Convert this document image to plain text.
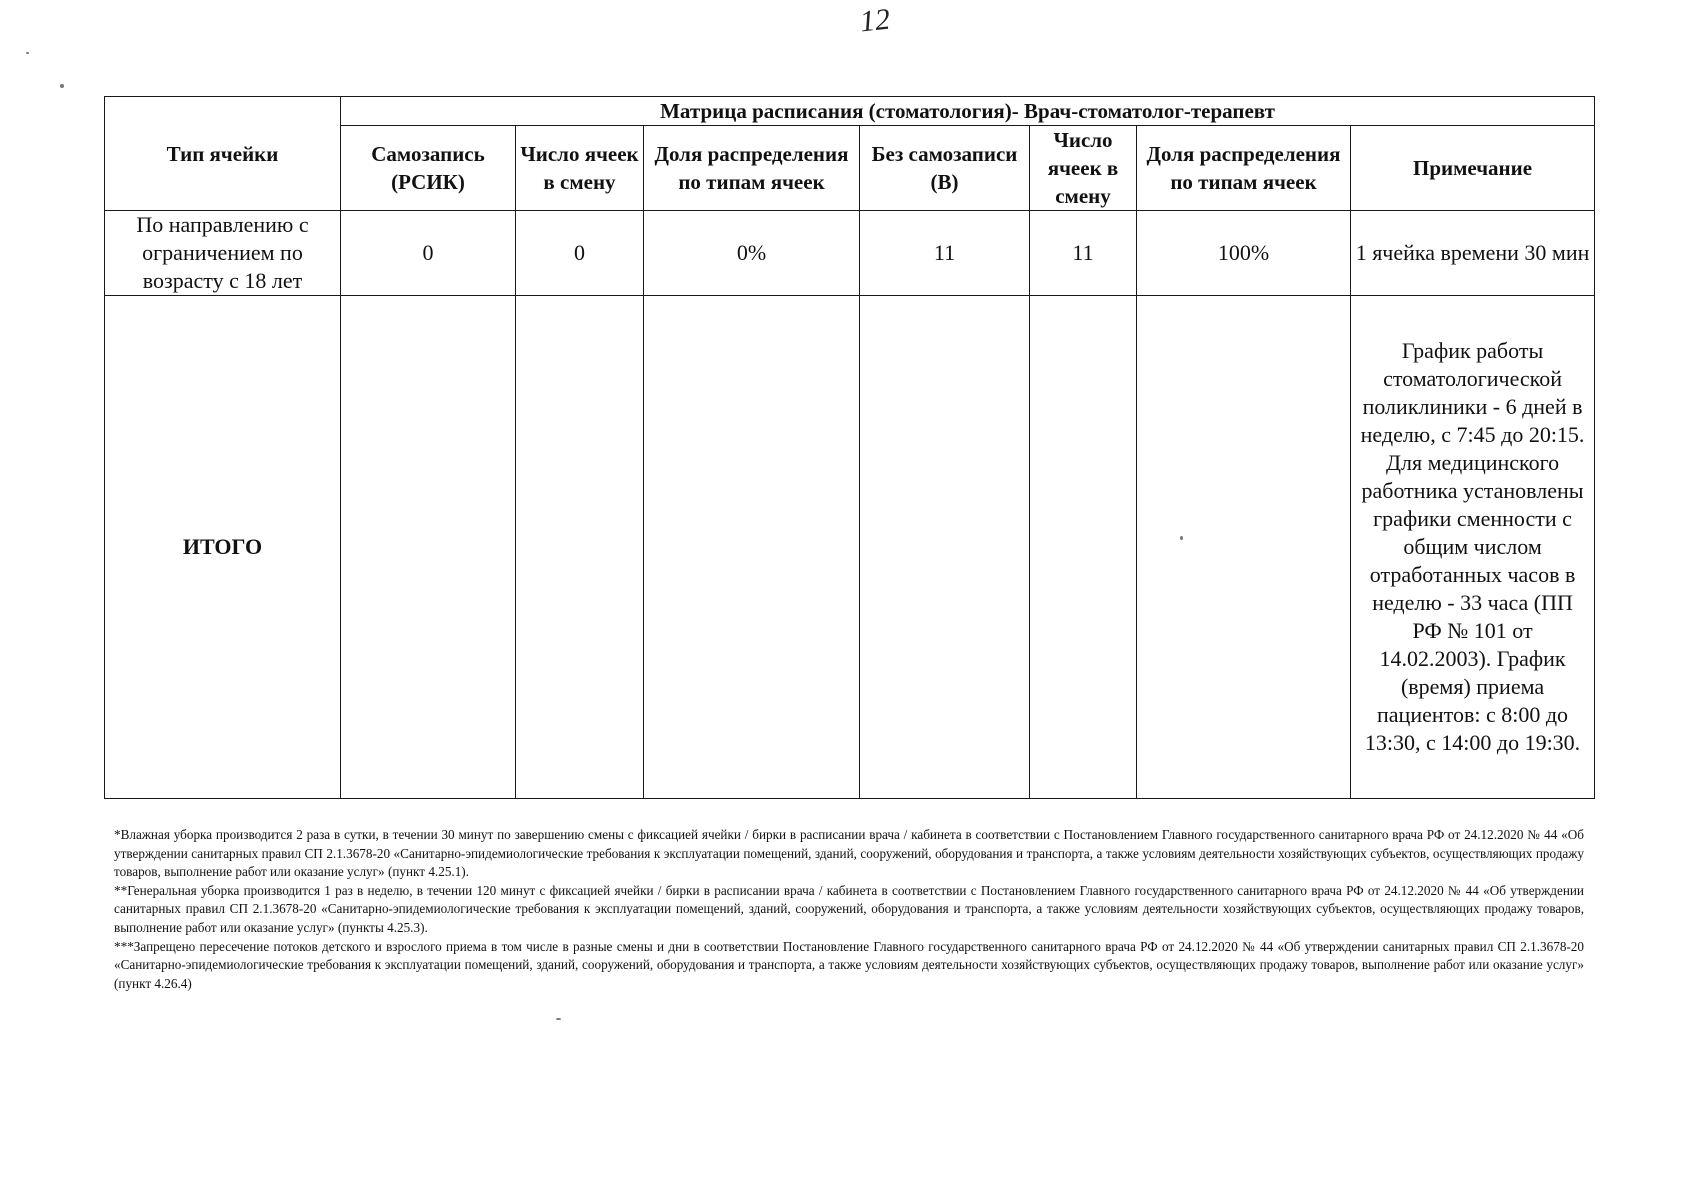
12
Тип ячейки	Матрица расписания (стоматология)- Врач-стоматолог-терапевт						
	Самозапись (РСИК)	Число ячеек в смену	Доля распределения по типам ячеек	Без самозаписи (В)	Число ячеек в смену	Доля распределения по типам ячеек	Примечание
По направлению с ограничением по возрасту с 18 лет	0	0	0%	11	11	100%	1 ячейка времени 30 мин
ИТОГО							График работы стоматологической поликлиники - 6 дней в неделю, с 7:45 до 20:15. Для медицинского работника установлены графики сменности с общим числом отработанных часов в неделю - 33 часа (ПП РФ № 101 от 14.02.2003). График (время) приема пациентов: с 8:00 до 13:30, с 14:00 до 19:30.

*Влажная уборка производится 2 раза в сутки, в течении 30 минут по завершению смены с фиксацией ячейки / бирки в расписании врача / кабинета в соответствии с Постановлением Главного государственного санитарного врача РФ от 24.12.2020 № 44 «Об утверждении санитарных правил СП 2.1.3678-20 «Санитарно-эпидемиологические требования к эксплуатации помещений, зданий, сооружений, оборудования и транспорта, а также условиям деятельности хозяйствующих субъектов, осуществляющих продажу товаров, выполнение работ или оказание услуг» (пункт 4.25.1).

**Генеральная уборка производится 1 раз в неделю, в течении 120 минут с фиксацией ячейки / бирки в расписании врача / кабинета в соответствии с Постановлением Главного государственного санитарного врача РФ от 24.12.2020 № 44 «Об утверждении санитарных правил СП 2.1.3678-20 «Санитарно-эпидемиологические требования к эксплуатации помещений, зданий, сооружений, оборудования и транспорта, а также условиям деятельности хозяйствующих субъектов, осуществляющих продажу товаров, выполнение работ или оказание услуг» (пункты 4.25.3).

***Запрещено пересечение потоков детского и взрослого приема в том числе в разные смены и дни в соответствии Постановление Главного государственного санитарного врача РФ от 24.12.2020 № 44 «Об утверждении санитарных правил СП 2.1.3678-20 «Санитарно-эпидемиологические требования к эксплуатации помещений, зданий, сооружений, оборудования и транспорта, а также условиям деятельности хозяйствующих субъектов, осуществляющих продажу товаров, выполнение работ или оказание услуг» (пункт 4.26.4)
